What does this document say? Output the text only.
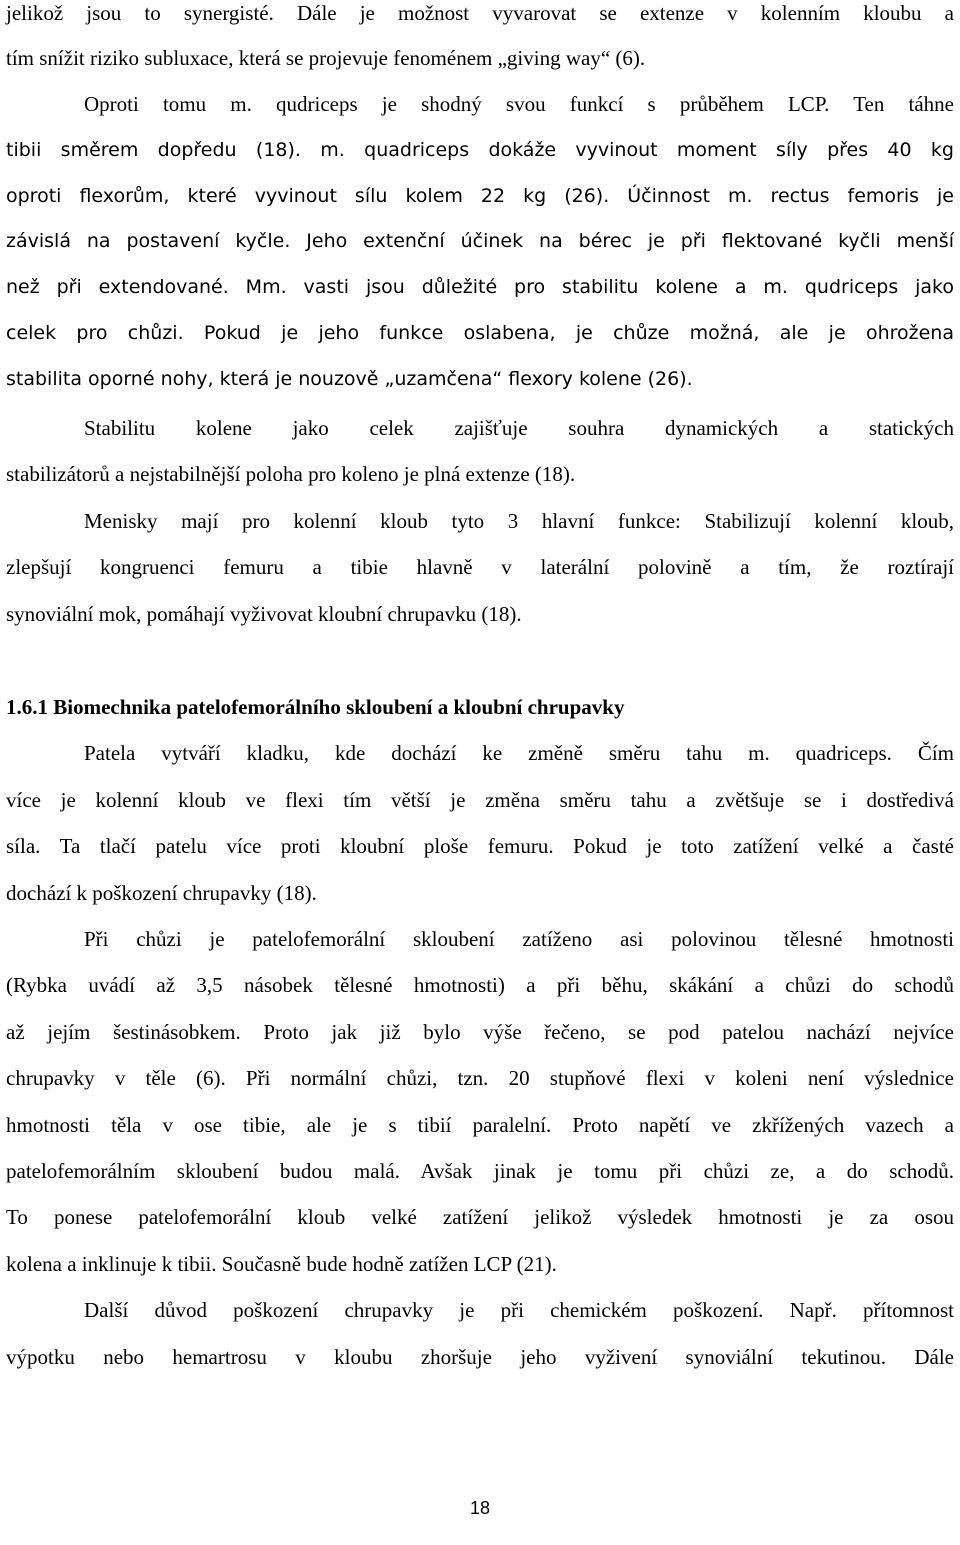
jelikož jsou to synergisté. Dále je možnost vyvarovat se extenze v kolenním kloubu a
tím snížit riziko subluxace, která se projevuje fenoménem „giving way“ (6).
Oproti tomu m. qudriceps je shodný svou funkcí s průběhem LCP. Ten táhne
tibii směrem dopředu (18). m. quadriceps dokáže vyvinout moment síly přes 40 kg
oproti flexorům, které vyvinout sílu kolem 22 kg (26). Účinnost m. rectus femoris je
závislá na postavení kyčle. Jeho extenční účinek na bérec je při flektované kyčli menší
než při extendované. Mm. vasti jsou důležité pro stabilitu kolene a m. qudriceps jako
celek pro chůzi. Pokud je jeho funkce oslabena, je chůze možná, ale je ohrožena
stabilita oporné nohy, která je nouzově „uzamčena“ flexory kolene (26).
Stabilitu kolene jako celek zajišťuje souhra dynamických a statických
stabilizátorů a nejstabilnější poloha pro koleno je plná extenze (18).
Menisky mají pro kolenní kloub tyto 3 hlavní funkce: Stabilizují kolenní kloub,
zlepšují kongruenci femuru a tibie hlavně v laterální polovině a tím, že roztírají
synoviální mok, pomáhají vyživovat kloubní chrupavku (18).
1.6.1 Biomechnika patelofemorálního skloubení a kloubní chrupavky
Patela vytváří kladku, kde dochází ke změně směru tahu m. quadriceps. Čím
více je kolenní kloub ve flexi tím větší je změna směru tahu a zvětšuje se i dostředivá
síla. Ta tlačí patelu více proti kloubní ploše femuru. Pokud je toto zatížení velké a časté
dochází k poškození chrupavky (18).
Při chůzi je patelofemorální skloubení zatíženo asi polovinou tělesné hmotnosti
(Rybka uvádí až 3,5 násobek tělesné hmotnosti) a při běhu, skákání a chůzi do schodů
až jejím šestinásobkem. Proto jak již bylo výše řečeno, se pod patelou nachází nejvíce
chrupavky v těle (6). Při normální chůzi, tzn. 20 stupňové flexi v koleni není výslednice
hmotnosti těla v ose tibie, ale je s tibií paralelní. Proto napětí ve zkřížených vazech a
patelofemorálním skloubení budou malá. Avšak jinak je tomu při chůzi ze, a do schodů.
To ponese patelofemorální kloub velké zatížení jelikož výsledek hmotnosti je za osou
kolena a inklinuje k tibii. Současně bude hodně zatížen LCP (21).
Další důvod poškození chrupavky je při chemickém poškození. Např. přítomnost
výpotku nebo hemartrosu v kloubu zhoršuje jeho vyživení synoviální tekutinou. Dále
18
